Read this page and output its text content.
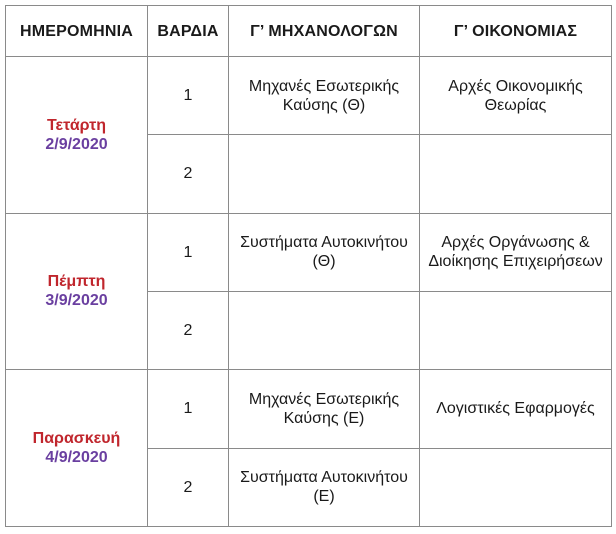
ΗΜΕΡΟΜΗΝΙΑ	ΒΑΡΔΙΑ	Γ’ ΜΗΧΑΝΟΛΟΓΩΝ	Γ’ ΟΙΚΟΝΟΜΙΑΣ

Τετάρτη
2/9/2020	1	Μηχανές Εσωτερικής Καύσης (Θ)	Αρχές Οικονομικής Θεωρίας
	2		

Πέμπτη
3/9/2020	1	Συστήματα Αυτοκινήτου (Θ)	Αρχές Οργάνωσης & Διοίκησης Επιχειρήσεων
	2		

Παρασκευή
4/9/2020	1	Μηχανές Εσωτερικής Καύσης (Ε)	Λογιστικές Εφαρμογές
	2	Συστήματα Αυτοκινήτου (Ε)	
